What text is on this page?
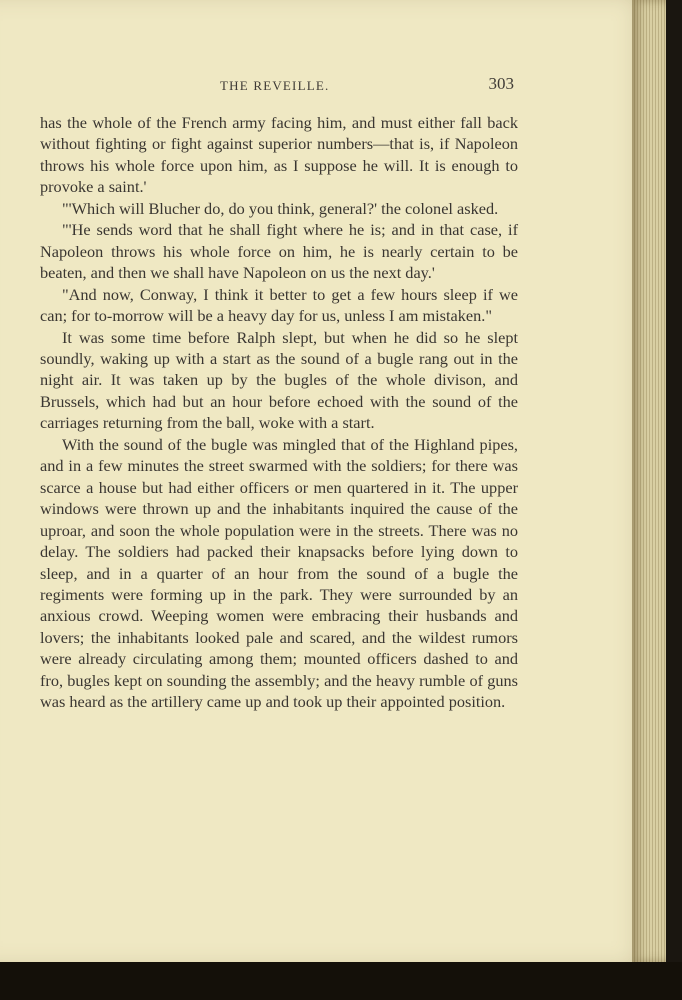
THE REVEILLE.	303

has the whole of the French army facing him, and must either fall back without fighting or fight against superior numbers—that is, if Napoleon throws his whole force upon him, as I suppose he will. It is enough to provoke a saint.'

"'Which will Blucher do, do you think, general?' the colonel asked.

"'He sends word that he shall fight where he is; and in that case, if Napoleon throws his whole force on him, he is nearly certain to be beaten, and then we shall have Napoleon on us the next day.'

"And now, Conway, I think it better to get a few hours sleep if we can; for to-morrow will be a heavy day for us, unless I am mistaken."

It was some time before Ralph slept, but when he did so he slept soundly, waking up with a start as the sound of a bugle rang out in the night air. It was taken up by the bugles of the whole divison, and Brussels, which had but an hour before echoed with the sound of the carriages returning from the ball, woke with a start.

With the sound of the bugle was mingled that of the Highland pipes, and in a few minutes the street swarmed with the soldiers; for there was scarce a house but had either officers or men quartered in it. The upper windows were thrown up and the inhabitants inquired the cause of the uproar, and soon the whole population were in the streets. There was no delay. The soldiers had packed their knapsacks before lying down to sleep, and in a quarter of an hour from the sound of a bugle the regiments were forming up in the park. They were surrounded by an anxious crowd. Weeping women were embracing their husbands and lovers; the inhabitants looked pale and scared, and the wildest rumors were already circulating among them; mounted officers dashed to and fro, bugles kept on sounding the assembly; and the heavy rumble of guns was heard as the artillery came up and took up their appointed position.
